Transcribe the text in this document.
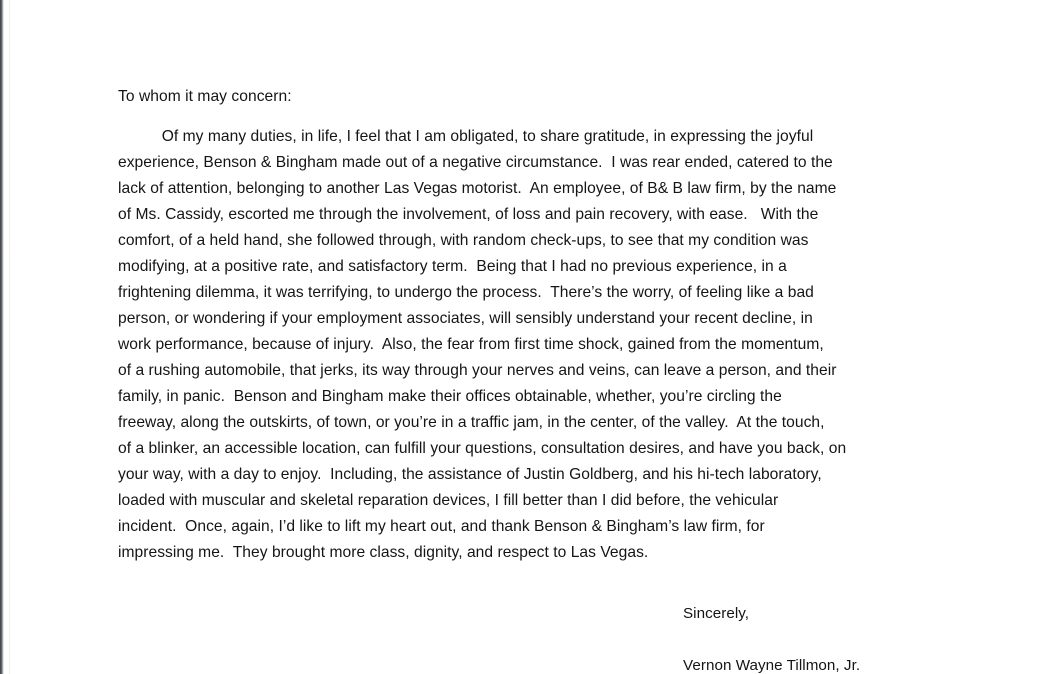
To whom it may concern:
Of my many duties, in life, I feel that I am obligated, to share gratitude, in expressing the joyful
experience, Benson & Bingham made out of a negative circumstance.  I was rear ended, catered to the
lack of attention, belonging to another Las Vegas motorist.  An employee, of B& B law firm, by the name
of Ms. Cassidy, escorted me through the involvement, of loss and pain recovery, with ease.   With the
comfort, of a held hand, she followed through, with random check-ups, to see that my condition was
modifying, at a positive rate, and satisfactory term.  Being that I had no previous experience, in a
frightening dilemma, it was terrifying, to undergo the process.  There’s the worry, of feeling like a bad
person, or wondering if your employment associates, will sensibly understand your recent decline, in
work performance, because of injury.  Also, the fear from first time shock, gained from the momentum,
of a rushing automobile, that jerks, its way through your nerves and veins, can leave a person, and their
family, in panic.  Benson and Bingham make their offices obtainable, whether, you’re circling the
freeway, along the outskirts, of town, or you’re in a traffic jam, in the center, of the valley.  At the touch,
of a blinker, an accessible location, can fulfill your questions, consultation desires, and have you back, on
your way, with a day to enjoy.  Including, the assistance of Justin Goldberg, and his hi-tech laboratory,
loaded with muscular and skeletal reparation devices, I fill better than I did before, the vehicular
incident.  Once, again, I’d like to lift my heart out, and thank Benson & Bingham’s law firm, for
impressing me.  They brought more class, dignity, and respect to Las Vegas.
Sincerely,
Vernon Wayne Tillmon, Jr.
